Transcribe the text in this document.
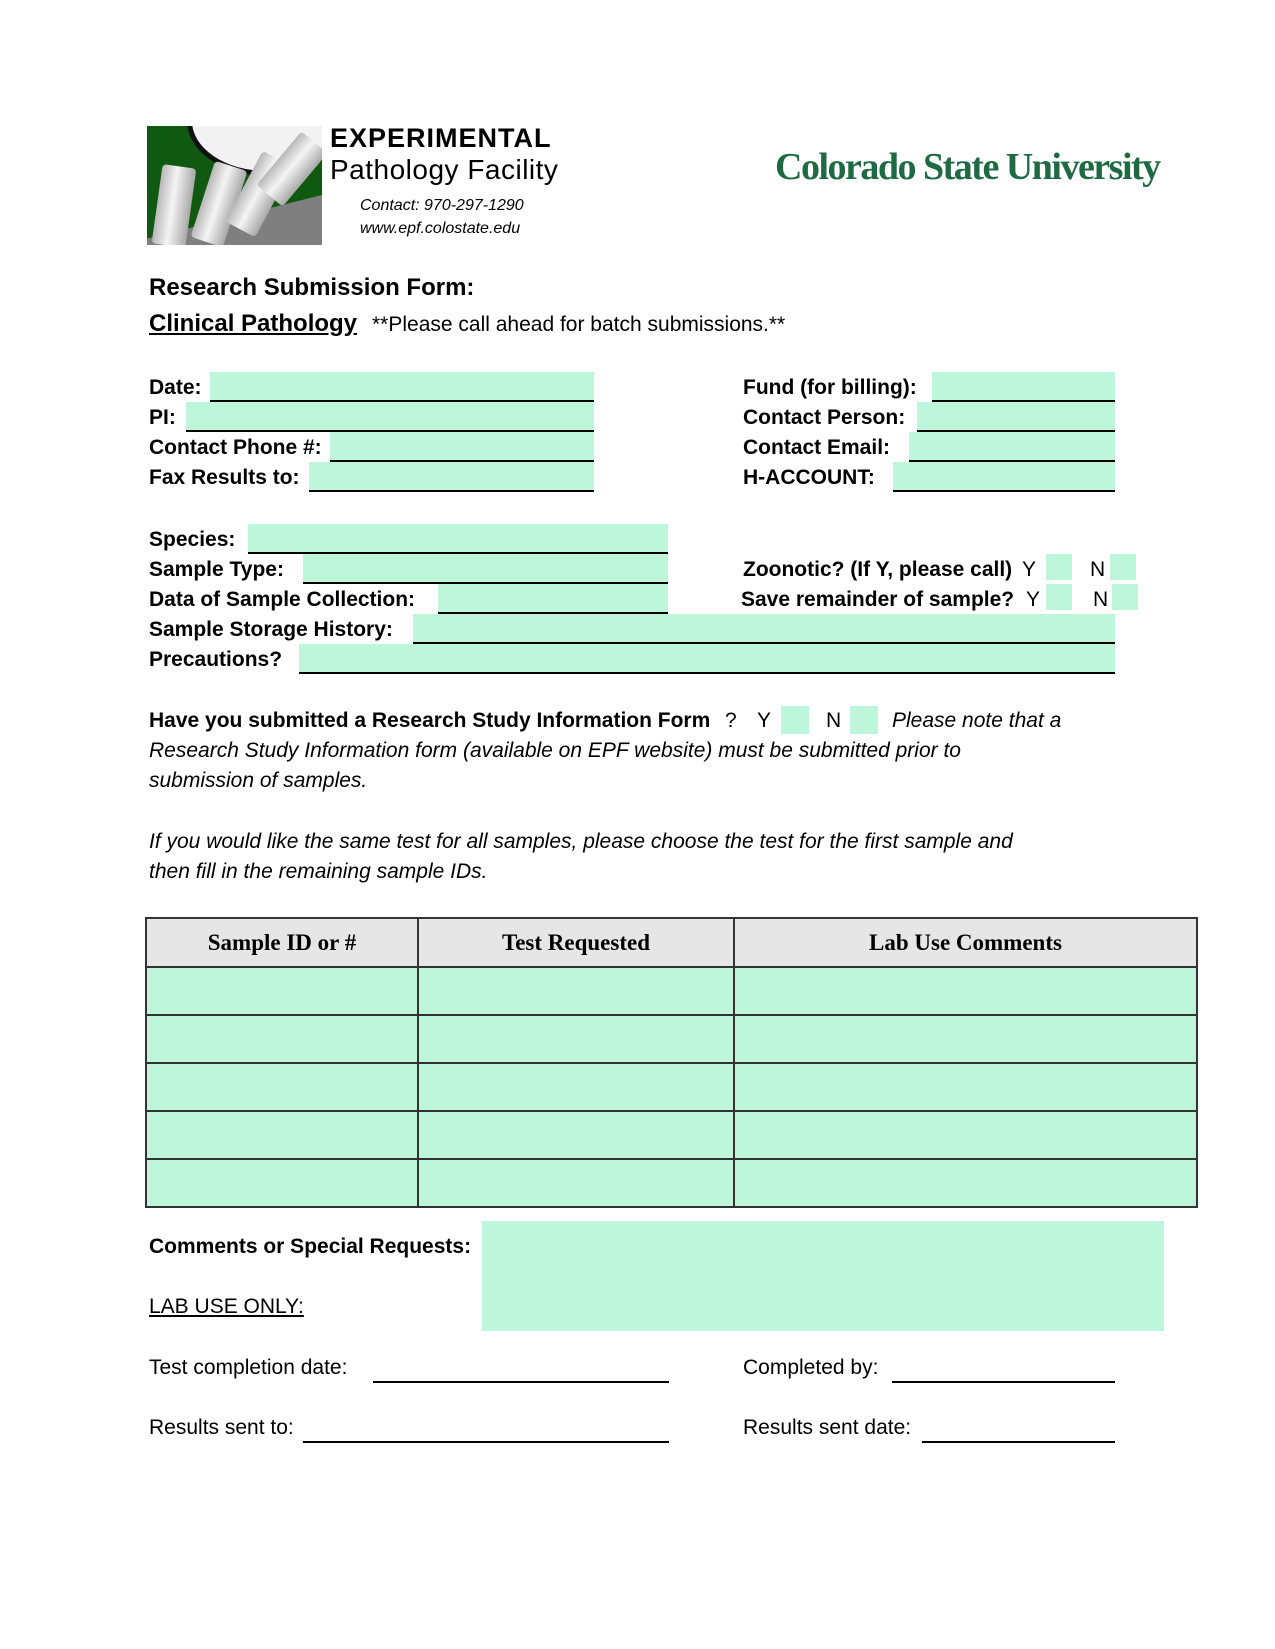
EXPERIMENTAL
Pathology Facility
Contact: 970-297-1290
www.epf.colostate.edu
Colorado State University
Research Submission Form:
Clinical Pathology **Please call ahead for batch submissions.**
Date:
PI:
Contact Phone #:
Fax Results to:
Fund (for billing):
Contact Person:
Contact Email:
H-ACCOUNT:
Species:
Sample Type:
Data of Sample Collection:
Sample Storage History:
Precautions?
Zoonotic? (If Y, please call) Y	N
Save remainder of sample? Y	N
Have you submitted a Research Study Information Form ? Y	N Please note that a
Research Study Information form (available on EPF website) must be submitted prior to
submission of samples.
If you would like the same test for all samples, please choose the test for the first sample and
then fill in the remaining sample IDs.
Sample ID or #	Test Requested	Lab Use Comments

Comments or Special Requests:
LAB USE ONLY:
Test completion date:	Completed by:
Results sent to:	Results sent date:
